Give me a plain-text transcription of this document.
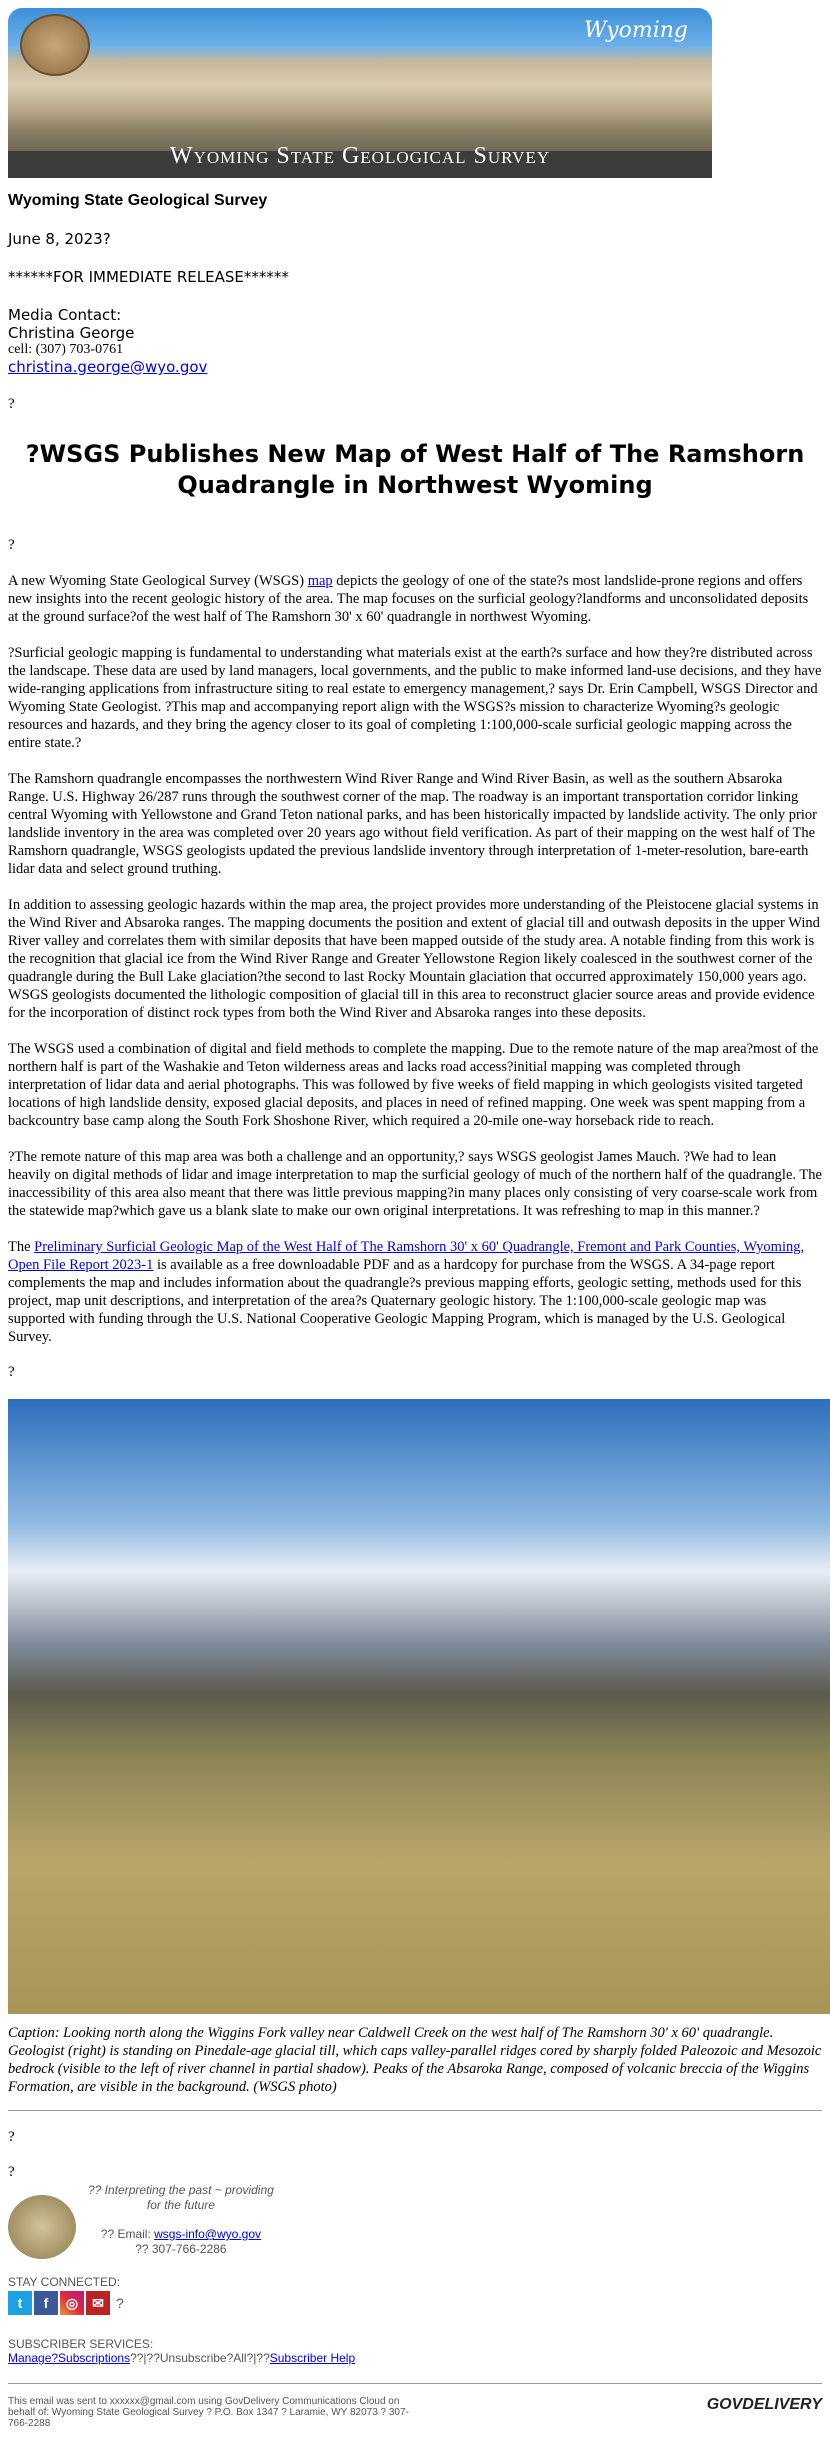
Wyoming
Wyoming State Geological Survey
Wyoming State Geological Survey

June 8, 2023?

******FOR IMMEDIATE RELEASE******

Media Contact:
Christina George
cell: (307) 703-0761
christina.george@wyo.gov

?

?WSGS Publishes New Map of West Half of The Ramshorn Quadrangle in Northwest Wyoming

?

A new Wyoming State Geological Survey (WSGS) map depicts the geology of one of the state?s most landslide-prone regions and offers new insights into the recent geologic history of the area. The map focuses on the surficial geology?landforms and unconsolidated deposits at the ground surface?of the west half of The Ramshorn 30' x 60' quadrangle in northwest Wyoming.

?Surficial geologic mapping is fundamental to understanding what materials exist at the earth?s surface and how they?re distributed across the landscape. These data are used by land managers, local governments, and the public to make informed land-use decisions, and they have wide-ranging applications from infrastructure siting to real estate to emergency management,? says Dr. Erin Campbell, WSGS Director and Wyoming State Geologist. ?This map and accompanying report align with the WSGS?s mission to characterize Wyoming?s geologic resources and hazards, and they bring the agency closer to its goal of completing 1:100,000-scale surficial geologic mapping across the entire state.?

The Ramshorn quadrangle encompasses the northwestern Wind River Range and Wind River Basin, as well as the southern Absaroka Range. U.S. Highway 26/287 runs through the southwest corner of the map. The roadway is an important transportation corridor linking central Wyoming with Yellowstone and Grand Teton national parks, and has been historically impacted by landslide activity. The only prior landslide inventory in the area was completed over 20 years ago without field verification. As part of their mapping on the west half of The Ramshorn quadrangle, WSGS geologists updated the previous landslide inventory through interpretation of 1-meter-resolution, bare-earth lidar data and select ground truthing.

In addition to assessing geologic hazards within the map area, the project provides more understanding of the Pleistocene glacial systems in the Wind River and Absaroka ranges. The mapping documents the position and extent of glacial till and outwash deposits in the upper Wind River valley and correlates them with similar deposits that have been mapped outside of the study area. A notable finding from this work is the recognition that glacial ice from the Wind River Range and Greater Yellowstone Region likely coalesced in the southwest corner of the quadrangle during the Bull Lake glaciation?the second to last Rocky Mountain glaciation that occurred approximately 150,000 years ago. WSGS geologists documented the lithologic composition of glacial till in this area to reconstruct glacier source areas and provide evidence for the incorporation of distinct rock types from both the Wind River and Absaroka ranges into these deposits.

The WSGS used a combination of digital and field methods to complete the mapping. Due to the remote nature of the map area?most of the northern half is part of the Washakie and Teton wilderness areas and lacks road access?initial mapping was completed through interpretation of lidar data and aerial photographs. This was followed by five weeks of field mapping in which geologists visited targeted locations of high landslide density, exposed glacial deposits, and places in need of refined mapping. One week was spent mapping from a backcountry base camp along the South Fork Shoshone River, which required a 20-mile one-way horseback ride to reach.

?The remote nature of this map area was both a challenge and an opportunity,? says WSGS geologist James Mauch. ?We had to lean heavily on digital methods of lidar and image interpretation to map the surficial geology of much of the northern half of the quadrangle. The inaccessibility of this area also meant that there was little previous mapping?in many places only consisting of very coarse-scale work from the statewide map?which gave us a blank slate to make our own original interpretations. It was refreshing to map in this manner.?

The Preliminary Surficial Geologic Map of the West Half of The Ramshorn 30' x 60' Quadrangle, Fremont and Park Counties, Wyoming, Open File Report 2023-1 is available as a free downloadable PDF and as a hardcopy for purchase from the WSGS. A 34-page report complements the map and includes information about the quadrangle?s previous mapping efforts, geologic setting, methods used for this project, map unit descriptions, and interpretation of the area?s Quaternary geologic history. The 1:100,000-scale geologic map was supported with funding through the U.S. National Cooperative Geologic Mapping Program, which is managed by the U.S. Geological Survey.

?

Caption: Looking north along the Wiggins Fork valley near Caldwell Creek on the west half of The Ramshorn 30' x 60' quadrangle. Geologist (right) is standing on Pinedale-age glacial till, which caps valley-parallel ridges cored by sharply folded Paleozoic and Mesozoic bedrock (visible to the left of river channel in partial shadow). Peaks of the Absaroka Range, composed of volcanic breccia of the Wiggins Formation, are visible in the background. (WSGS photo)

?

?

?? Interpreting the past ~ providing
for the future
?? Email: wsgs-info@wyo.gov
?? 307-766-2286
STAY CONNECTED:
t	f	◎	✉ ?
SUBSCRIBER SERVICES:
Manage?Subscriptions??|??Unsubscribe?All?|??Subscriber Help
This email was sent to xxxxxx@gmail.com using GovDelivery Communications Cloud on behalf of: Wyoming State Geological Survey ? P.O. Box 1347 ? Laramie, WY 82073 ? 307-766-2288
GOVDELIVERY
